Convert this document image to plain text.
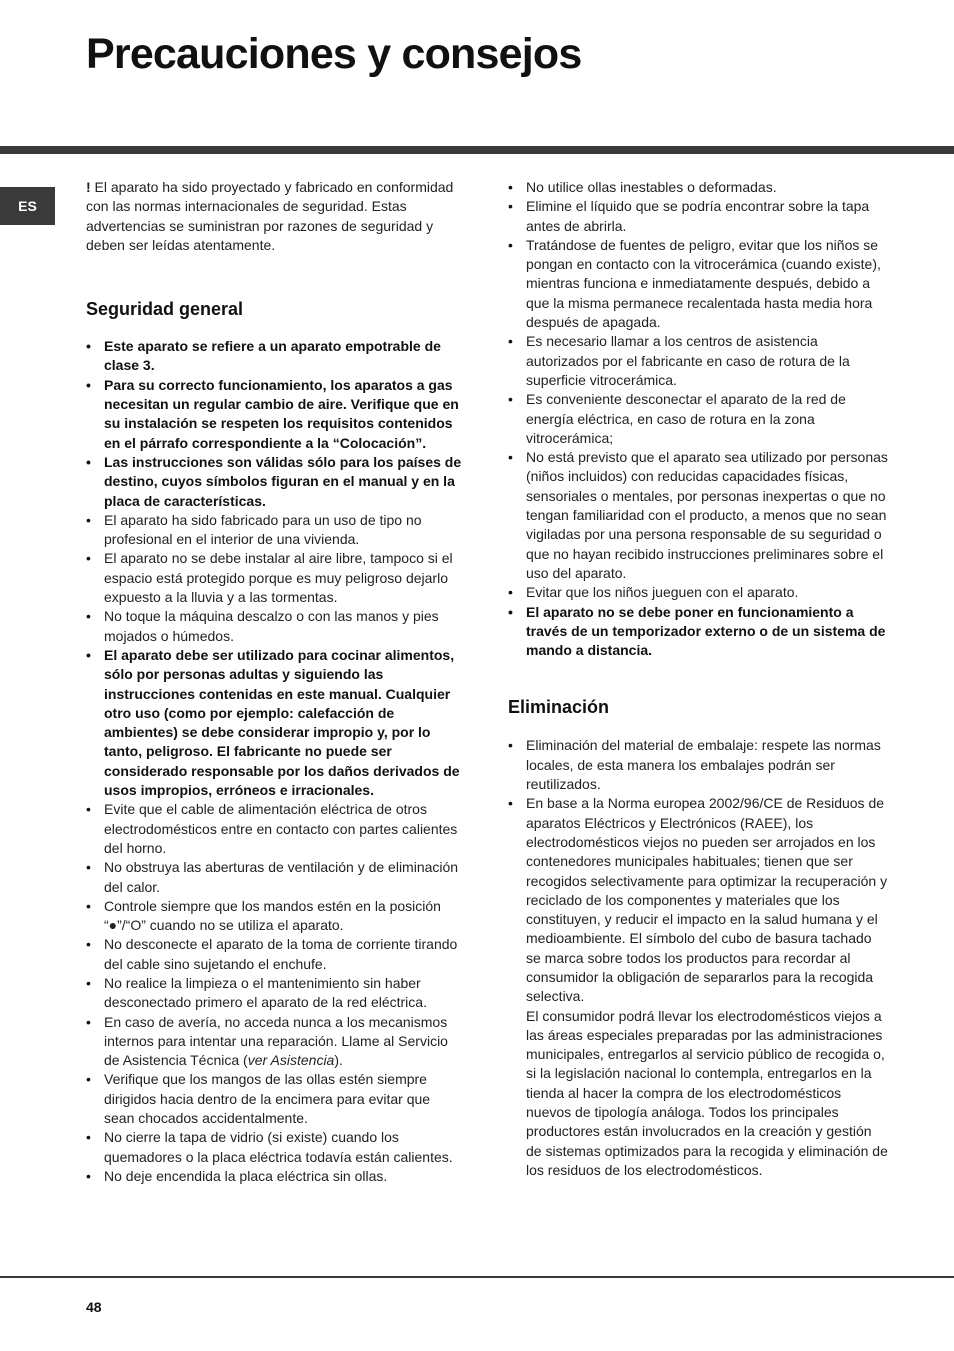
Precauciones y consejos
ES

! El aparato ha sido proyectado y fabricado en conformidad con las normas internacionales de seguridad. Estas advertencias se suministran por razones de seguridad y deben ser leídas atentamente.

Seguridad general
• Este aparato se refiere a un aparato empotrable de clase 3.
• Para su correcto funcionamiento, los aparatos a gas necesitan un regular cambio de aire. Verifique que en su instalación se respeten los requisitos contenidos en el párrafo correspondiente a la “Colocación”.
• Las instrucciones son válidas sólo para los países de destino, cuyos símbolos figuran en el manual y en la placa de características.
• El aparato ha sido fabricado para un uso de tipo no profesional en el interior de una vivienda.
• El aparato no se debe instalar al aire libre, tampoco si el espacio está protegido porque es muy peligroso dejarlo expuesto a la lluvia y a las tormentas.
• No toque la máquina descalzo o con las manos y pies mojados o húmedos.
• El aparato debe ser utilizado para cocinar alimentos, sólo por personas adultas y siguiendo las instrucciones contenidas en este manual. Cualquier otro uso (como por ejemplo: calefacción de ambientes) se debe considerar impropio y, por lo tanto, peligroso. El fabricante no puede ser considerado responsable por los daños derivados de usos impropios, erróneos e irracionales.
• Evite que el cable de alimentación eléctrica de otros electrodomésticos entre en contacto con partes calientes del horno.
• No obstruya las aberturas de ventilación y de eliminación del calor.
• Controle siempre que los mandos estén en la posición “●”/“O” cuando no se utiliza el aparato.
• No desconecte el aparato de la toma de corriente tirando del cable sino sujetando el enchufe.
• No realice la limpieza o el mantenimiento sin haber desconectado primero el aparato de la red eléctrica.
• En caso de avería, no acceda nunca a los mecanismos internos para intentar una reparación. Llame al Servicio de Asistencia Técnica (ver Asistencia).
• Verifique que los mangos de las ollas estén siempre dirigidos hacia dentro de la encimera para evitar que sean chocados accidentalmente.
• No cierre la tapa de vidrio (si existe) cuando los quemadores o la placa eléctrica todavía están calientes.
• No deje encendida la placa eléctrica sin ollas.
• No utilice ollas inestables o deformadas.
• Elimine el líquido que se podría encontrar sobre la tapa antes de abrirla.
• Tratándose de fuentes de peligro, evitar que los niños se pongan en contacto con la vitrocerámica (cuando existe), mientras funciona e inmediatamente después, debido a que la misma permanece recalentada hasta media hora después de apagada.
• Es necesario llamar a los centros de asistencia autorizados por el fabricante en caso de rotura de la superficie vitrocerámica.
• Es conveniente desconectar el aparato de la red de energía eléctrica, en caso de rotura en la zona vitrocerámica;
• No está previsto que el aparato sea utilizado por personas (niños incluidos) con reducidas capacidades físicas, sensoriales o mentales, por personas inexpertas o que no tengan familiaridad con el producto, a menos que no sean vigiladas por una persona responsable de su seguridad o que no hayan recibido instrucciones preliminares sobre el uso del aparato.
• Evitar que los niños jueguen con el aparato.
• El aparato no se debe poner en funcionamiento a través de un temporizador externo o de un sistema de mando a distancia.
Eliminación
• Eliminación del material de embalaje: respete las normas locales, de esta manera los embalajes podrán ser reutilizados.
• En base a la Norma europea 2002/96/CE de Residuos de aparatos Eléctricos y Electrónicos (RAEE), los electrodomésticos viejos no pueden ser arrojados en los contenedores municipales habituales; tienen que ser recogidos selectivamente para optimizar la recuperación y reciclado de los componentes y materiales que los constituyen, y reducir el impacto en la salud humana y el medioambiente. El símbolo del cubo de basura tachado se marca sobre todos los productos para recordar al consumidor la obligación de separarlos para la recogida selectiva.
El consumidor podrá llevar los electrodomésticos viejos a las áreas especiales preparadas por las administraciones municipales, entregarlos al servicio público de recogida o, si la legislación nacional lo contempla, entregarlos en la tienda al hacer la compra de los electrodomésticos nuevos de tipología análoga. Todos los principales productores están involucrados en la creación y gestión de sistemas optimizados para la recogida y eliminación de los residuos de los electrodomésticos.
48
